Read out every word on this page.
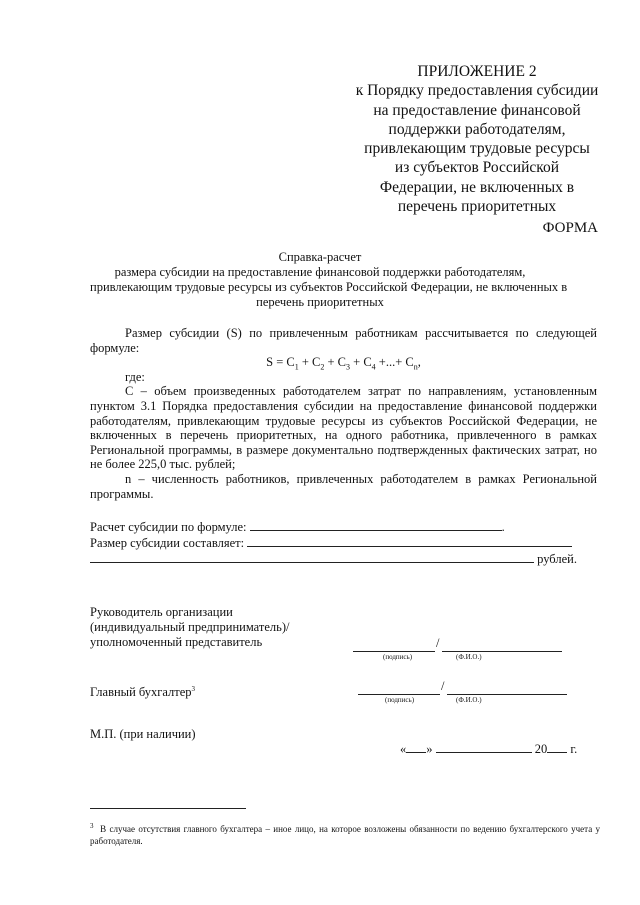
ПРИЛОЖЕНИЕ 2
к Порядку предоставления субсидии
на предоставление финансовой
поддержки работодателям,
привлекающим трудовые ресурсы
из субъектов Российской
Федерации, не включенных в
перечень приоритетных
ФОРМА
Справка-расчет
размера субсидии на предоставление финансовой поддержки работодателям,
привлекающим трудовые ресурсы из субъектов Российской Федерации, не включенных в
перечень приоритетных

Размер субсидии (S) по привлеченным работникам рассчитывается по следующей формуле:

$S = C_1 + C_2 + C_3 + C_4$ +...+ $C_n$,

где:

C – объем произведенных работодателем затрат по направлениям, установленным пунктом 3.1 Порядка предоставления субсидии на предоставление финансовой поддержки работодателям, привлекающим трудовые ресурсы из субъектов Российской Федерации, не включенных в перечень приоритетных, на одного работника, привлеченного в рамках Региональной программы, в размере документально подтвержденных фактических затрат, но не более 225,0 тыс. рублей;

n – численность работников, привлеченных работодателем в рамках Региональной программы.

Расчет субсидии по формуле:	.
Размер субсидии составляет:
рублей.
Руководитель организации
(индивидуальный предприниматель)/
уполномоченный представитель	/
(подпись)	(Ф.И.О.)
Главный бухгалтер$^3$	/
(подпись)	(Ф.И.О.)
М.П. (при наличии)
« »	20 г.

$^3$ В случае отсутствия главного бухгалтера – иное лицо, на которое возложены обязанности по ведению бухгалтерского учета у работодателя.
